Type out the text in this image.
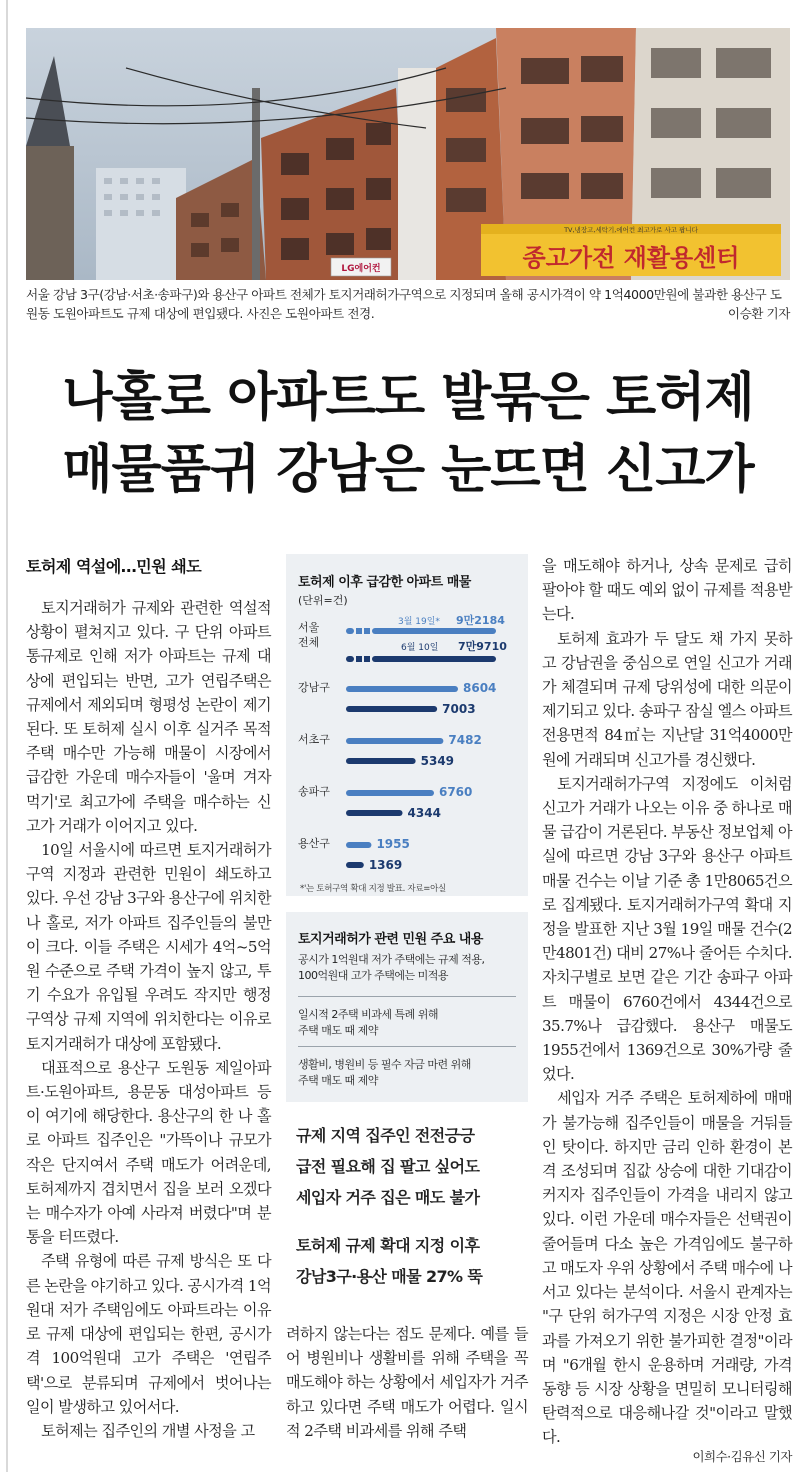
LG에어컨
TV,냉장고,세탁기,에어컨 최고가로 사고 팝니다
종고가전 재활용센터
서울 강남 3구(강남·서초·송파구)와 용산구 아파트 전체가 토지거래허가구역으로 지정되며 올해 공시가격이 약 1억4000만원에 불과한 용산구 도원동 도원아파트도 규제 대상에 편입됐다. 사진은 도원아파트 전경.	이승환 기자
나홀로 아파트도 발묶은 토허제
매물품귀 강남은 눈뜨면 신고가
토허제 역설에…민원 쇄도

토지거래허가 규제와 관련한 역설적 상황이 펼쳐지고 있다. 구 단위 아파트 통규제로 인해 저가 아파트는 규제 대상에 편입되는 반면, 고가 연립주택은 규제에서 제외되며 형평성 논란이 제기된다. 또 토허제 실시 이후 실거주 목적 주택 매수만 가능해 매물이 시장에서 급감한 가운데 매수자들이 '울며 겨자 먹기'로 최고가에 주택을 매수하는 신고가 거래가 이어지고 있다.

10일 서울시에 따르면 토지거래허가구역 지정과 관련한 민원이 쇄도하고 있다. 우선 강남 3구와 용산구에 위치한 나 홀로, 저가 아파트 집주인들의 불만이 크다. 이들 주택은 시세가 4억~5억원 수준으로 주택 가격이 높지 않고, 투기 수요가 유입될 우려도 작지만 행정구역상 규제 지역에 위치한다는 이유로 토지거래허가 대상에 포함됐다.

대표적으로 용산구 도원동 제일아파트·도원아파트, 용문동 대성아파트 등이 여기에 해당한다. 용산구의 한 나 홀로 아파트 집주인은 "가뜩이나 규모가 작은 단지여서 주택 매도가 어려운데, 토허제까지 겹치면서 집을 보러 오겠다는 매수자가 아예 사라져 버렸다"며 분통을 터뜨렸다.

주택 유형에 따른 규제 방식은 또 다른 논란을 야기하고 있다. 공시가격 1억원대 저가 주택임에도 아파트라는 이유로 규제 대상에 편입되는 한편, 공시가격 100억원대 고가 주택은 '연립주택'으로 분류되며 규제에서 벗어나는 일이 발생하고 있어서다.

토허제는 집주인의 개별 사정을 고

토허제 이후 급감한 아파트 매물
(단위=건)
서울
전체
3월 19일* 9만2184
6월 10일 7만9710
강남구	8604
7003
서초구	7482
5349
송파구	6760
4344
용산구	1955
1369
*'는 토허구역 확대 지정 발표. 자료=아실
토지거래허가 관련 민원 주요 내용
공시가 1억원대 저가 주택에는 규제 적용,
100억원대 고가 주택에는 미적용
일시적 2주택 비과세 특례 위해
주택 매도 때 제약
생활비, 병원비 등 필수 자금 마련 위해
주택 매도 때 제약
규제 지역 집주인 전전긍긍
급전 필요해 집 팔고 싶어도
세입자 거주 집은 매도 불가
토허제 규제 확대 지정 이후
강남3구·용산 매물 27% 뚝

려하지 않는다는 점도 문제다. 예를 들어 병원비나 생활비를 위해 주택을 꼭 매도해야 하는 상황에서 세입자가 거주하고 있다면 주택 매도가 어렵다. 일시적 2주택 비과세를 위해 주택

을 매도해야 하거나, 상속 문제로 급히 팔아야 할 때도 예외 없이 규제를 적용받는다.

토허제 효과가 두 달도 채 가지 못하고 강남권을 중심으로 연일 신고가 거래가 체결되며 규제 당위성에 대한 의문이 제기되고 있다. 송파구 잠실 엘스 아파트 전용면적 84㎡는 지난달 31억4000만원에 거래되며 신고가를 경신했다.

토지거래허가구역 지정에도 이처럼 신고가 거래가 나오는 이유 중 하나로 매물 급감이 거론된다. 부동산 정보업체 아실에 따르면 강남 3구와 용산구 아파트 매물 건수는 이날 기준 총 1만8065건으로 집계됐다. 토지거래허가구역 확대 지정을 발표한 지난 3월 19일 매물 건수(2만4801건) 대비 27%나 줄어든 수치다. 자치구별로 보면 같은 기간 송파구 아파트 매물이 6760건에서 4344건으로 35.7%나 급감했다. 용산구 매물도 1955건에서 1369건으로 30%가량 줄었다.

세입자 거주 주택은 토허제하에 매매가 불가능해 집주인들이 매물을 거둬들인 탓이다. 하지만 금리 인하 환경이 본격 조성되며 집값 상승에 대한 기대감이 커지자 집주인들이 가격을 내리지 않고 있다. 이런 가운데 매수자들은 선택권이 줄어들며 다소 높은 가격임에도 불구하고 매도자 우위 상황에서 주택 매수에 나서고 있다는 분석이다. 서울시 관계자는 "구 단위 허가구역 지정은 시장 안정 효과를 가져오기 위한 불가피한 결정"이라며 "6개월 한시 운용하며 거래량, 가격 동향 등 시장 상황을 면밀히 모니터링해 탄력적으로 대응해나갈 것"이라고 말했다.

이희수·김유신 기자
